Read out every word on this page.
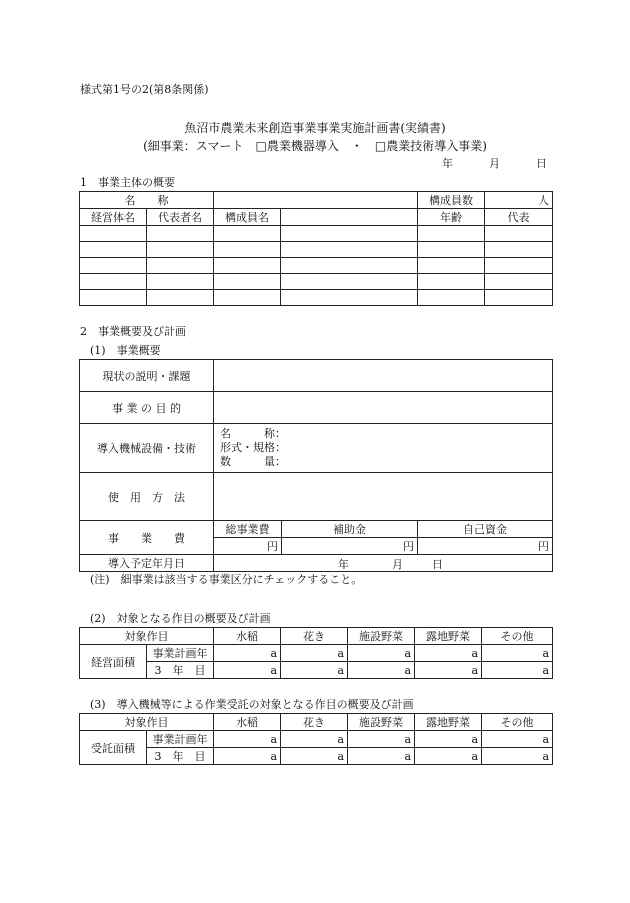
様式第1号の2(第8条関係)
魚沼市農業未来創造事業事業実施計画書(実績書)
(細事業：スマート　□農業機器導入　・　□農業技術導入事業)
年	月	日
1　事業主体の概要
名　　称				構成員数	人
経営体名	代表者名	構成員名		年齢	代表

2　事業概要及び計画
(1)　事業概要
現状の説明・課題			
事 業 の 目 的			
導入機械設備・技術	名　　　称：
形式・規格：
数　　　量：		

使　用　方　法			
事　　業　　費	総事業費	補助金	自己資金
	円	円	円
導入予定年月日	年 月 日		
(注)　細事業は該当する事業区分にチェックすること。
(2)　対象となる作目の概要及び計画
対象作目		水稲	花き	施設野菜	露地野菜	その他
経営面積	事業計画年	a	a	a	a	a
	3　年　目	a	a	a	a	a
(3)　導入機械等による作業受託の対象となる作目の概要及び計画
対象作目		水稲	花き	施設野菜	露地野菜	その他
受託面積	事業計画年	a	a	a	a	a
	3　年　目	a	a	a	a	a
